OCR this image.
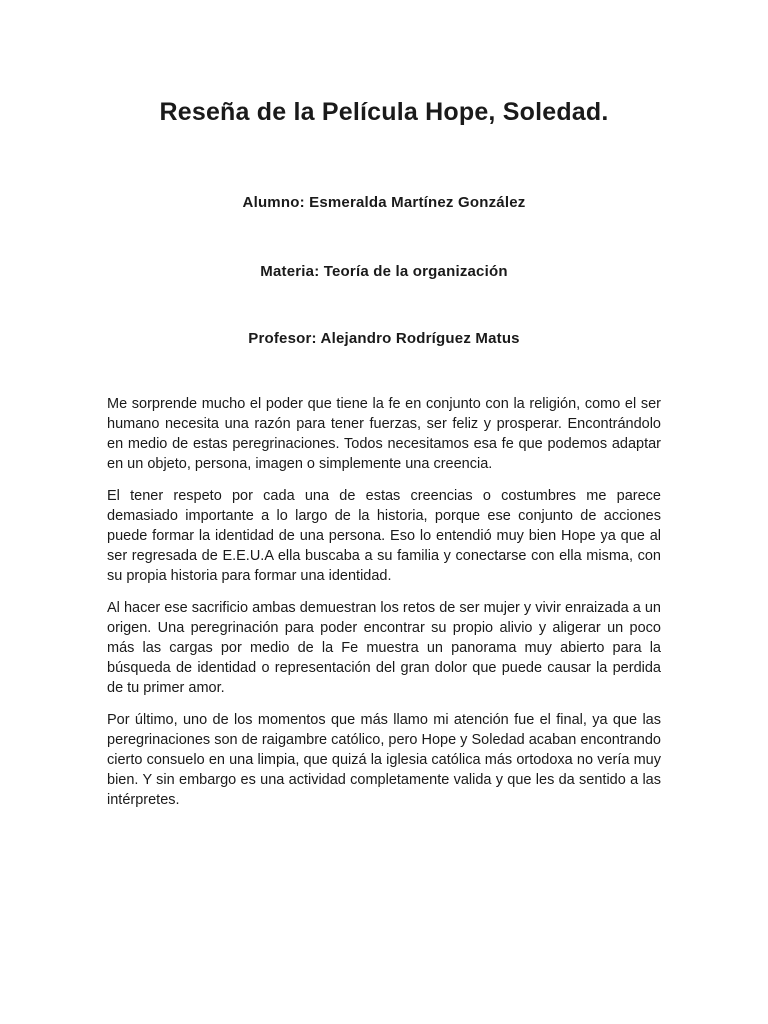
Reseña de la Película Hope, Soledad.

Alumno: Esmeralda Martínez González

Materia: Teoría de la organización

Profesor: Alejandro Rodríguez Matus

Me sorprende mucho el poder que tiene la fe en conjunto con la religión, como el ser humano necesita una razón para tener fuerzas, ser feliz y prosperar. Encontrándolo en medio de estas peregrinaciones. Todos necesitamos esa fe que podemos adaptar en un objeto, persona, imagen o simplemente una creencia.

El tener respeto por cada una de estas creencias o costumbres me parece demasiado importante a lo largo de la historia, porque ese conjunto de acciones puede formar la identidad de una persona. Eso lo entendió muy bien Hope ya que al ser regresada de E.E.U.A ella buscaba a su familia y conectarse con ella misma, con su propia historia para formar una identidad.

Al hacer ese sacrificio ambas demuestran los retos de ser mujer y vivir enraizada a un origen. Una peregrinación para poder encontrar su propio alivio y aligerar un poco más las cargas por medio de la Fe muestra un panorama muy abierto para la búsqueda de identidad o representación del gran dolor que puede causar la perdida de tu primer amor.

Por último, uno de los momentos que más llamo mi atención fue el final, ya que las peregrinaciones son de raigambre católico, pero Hope y Soledad acaban encontrando cierto consuelo en una limpia, que quizá la iglesia católica más ortodoxa no vería muy bien. Y sin embargo es una actividad completamente valida y que les da sentido a las intérpretes.
